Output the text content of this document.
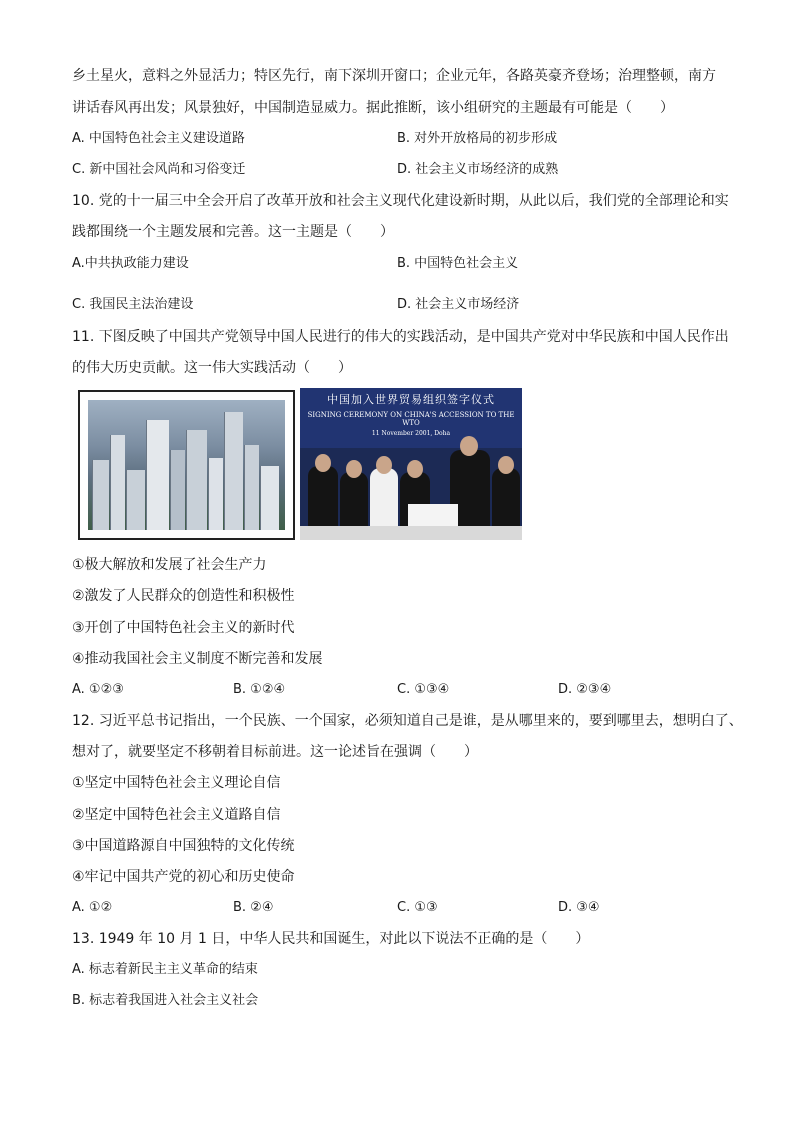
乡土星火，意料之外显活力；特区先行，南下深圳开窗口；企业元年，各路英豪齐登场；治理整顿，南方
讲话春风再出发；风景独好，中国制造显威力。据此推断，该小组研究的主题最有可能是（　　）
A. 中国特色社会主义建设道路	B. 对外开放格局的初步形成
C. 新中国社会风尚和习俗变迁	D. 社会主义市场经济的成熟
10. 党的十一届三中全会开启了改革开放和社会主义现代化建设新时期，从此以后，我们党的全部理论和实
践都围绕一个主题发展和完善。这一主题是（　　）
A.中共执政能力建设	B. 中国特色社会主义
C. 我国民主法治建设	D. 社会主义市场经济
11. 下图反映了中国共产党领导中国人民进行的伟大的实践活动，是中国共产党对中华民族和中国人民作出
的伟大历史贡献。这一伟大实践活动（　　）
中国加入世界贸易组织签字仪式
SIGNING CEREMONY ON CHINA'S ACCESSION TO THE WTO
11 November 2001, Doha
①极大解放和发展了社会生产力
②激发了人民群众的创造性和积极性
③开创了中国特色社会主义的新时代
④推动我国社会主义制度不断完善和发展
A. ①②③	B. ①②④	C. ①③④	D. ②③④
12. 习近平总书记指出，一个民族、一个国家，必须知道自己是谁，是从哪里来的，要到哪里去，想明白了、
想对了，就要坚定不移朝着目标前进。这一论述旨在强调（　　）
①坚定中国特色社会主义理论自信
②坚定中国特色社会主义道路自信
③中国道路源自中国独特的文化传统
④牢记中国共产党的初心和历史使命
A. ①②	B. ②④	C. ①③	D. ③④
13. 1949 年 10 月 1 日，中华人民共和国诞生，对此以下说法不正确的是（　　）
A. 标志着新民主主义革命的结束
B. 标志着我国进入社会主义社会
